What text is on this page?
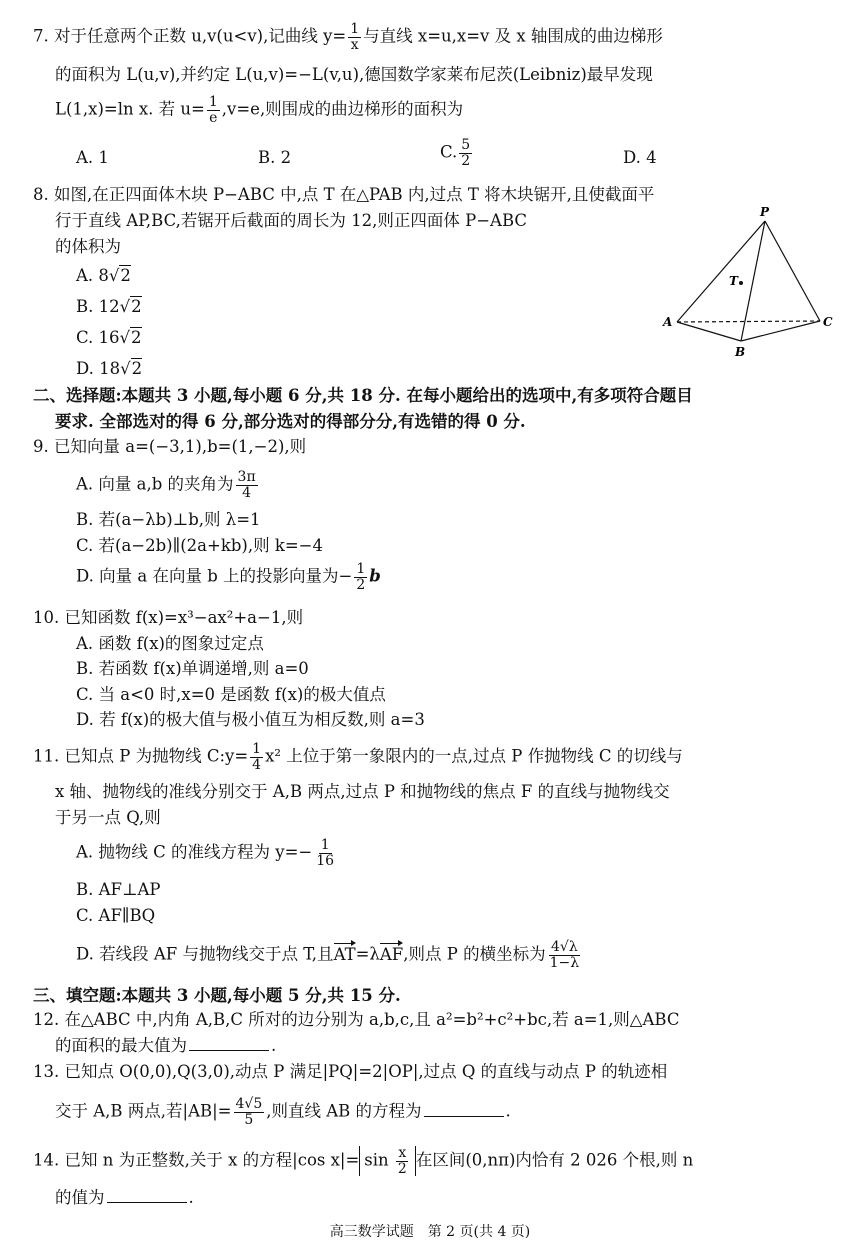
7. 对于任意两个正数 u,v(u<v),记曲线 $y= \frac{1}{x}$ 与直线 x=u,x=v 及 x 轴围成的曲边梯形
的面积为 L(u,v),并约定 L(u,v)=−L(v,u),德国数学家莱布尼茨(Leibniz)最早发现
L(1,x)=ln x. 若 $u= \frac{1}{e} ,v=e$,则围成的曲边梯形的面积为
A. 1	B. 2	C. $\frac{5}{2}$	D. 4
8. 如图,在正四面体木块 P−ABC 中,点 T 在△PAB 内,过点 T 将木块锯开,且使截面平
行于直线 AP,BC,若锯开后截面的周长为 12,则正四面体 P−ABC
的体积为
A. 8√2
B. 12√2
C. 16√2
D. 18√2
P
A
B
C
T
二、选择题:本题共 3 小题,每小题 6 分,共 18 分. 在每小题给出的选项中,有多项符合题目
要求. 全部选对的得 6 分,部分选对的得部分分,有选错的得 0 分.
9. 已知向量 a=(−3,1),b=(1,−2),则
A. 向量 a,b 的夹角为 $\frac{3\pi}{4}$
B. 若(a−λb)⊥b,则 λ=1
C. 若(a−2b)∥(2a+kb),则 k=−4
D. 向量 a 在向量 b 上的投影向量为− $\frac{1}{2}$ b
10. 已知函数 f(x)=x³−ax²+a−1,则
A. 函数 f(x)的图象过定点
B. 若函数 f(x)单调递增,则 a=0
C. 当 a<0 时,x=0 是函数 f(x)的极大值点
D. 若 f(x)的极大值与极小值互为相反数,则 a=3
11. 已知点 P 为抛物线 C:y= $\frac{1}{4} x^2$ 上位于第一象限内的一点,过点 P 作抛物线 C 的切线与
x 轴、抛物线的准线分别交于 A,B 两点,过点 P 和抛物线的焦点 F 的直线与抛物线交
于另一点 Q,则
A. 抛物线 C 的准线方程为 $y=- \frac{1}{16}$
B. AF⊥AP
C. AF∥BQ
D. 若线段 AF 与抛物线交于点 T,且AT=λAF,则点 P 的横坐标为 $\frac{4√\lambda}{1-\lambda}$
三、填空题:本题共 3 小题,每小题 5 分,共 15 分.
12. 在△ABC 中,内角 A,B,C 所对的边分别为 a,b,c,且 a²=b²+c²+bc,若 a=1,则△ABC
的面积的最大值为	.
13. 已知点 O(0,0),Q(3,0),动点 P 满足|PQ|=2|OP|,过点 Q 的直线与动点 P 的轨迹相
交于 A,B 两点,若$|AB|= \frac{4√5}{5}$ ,则直线 AB 的方程为	.
14. 已知 n 为正整数,关于 x 的方程|cos $x|= \sin \frac{x}{2}$ 在区间(0,nπ)内恰有 2 026 个根,则 n
的值为	.
高三数学试题　第 2 页(共 4 页)
